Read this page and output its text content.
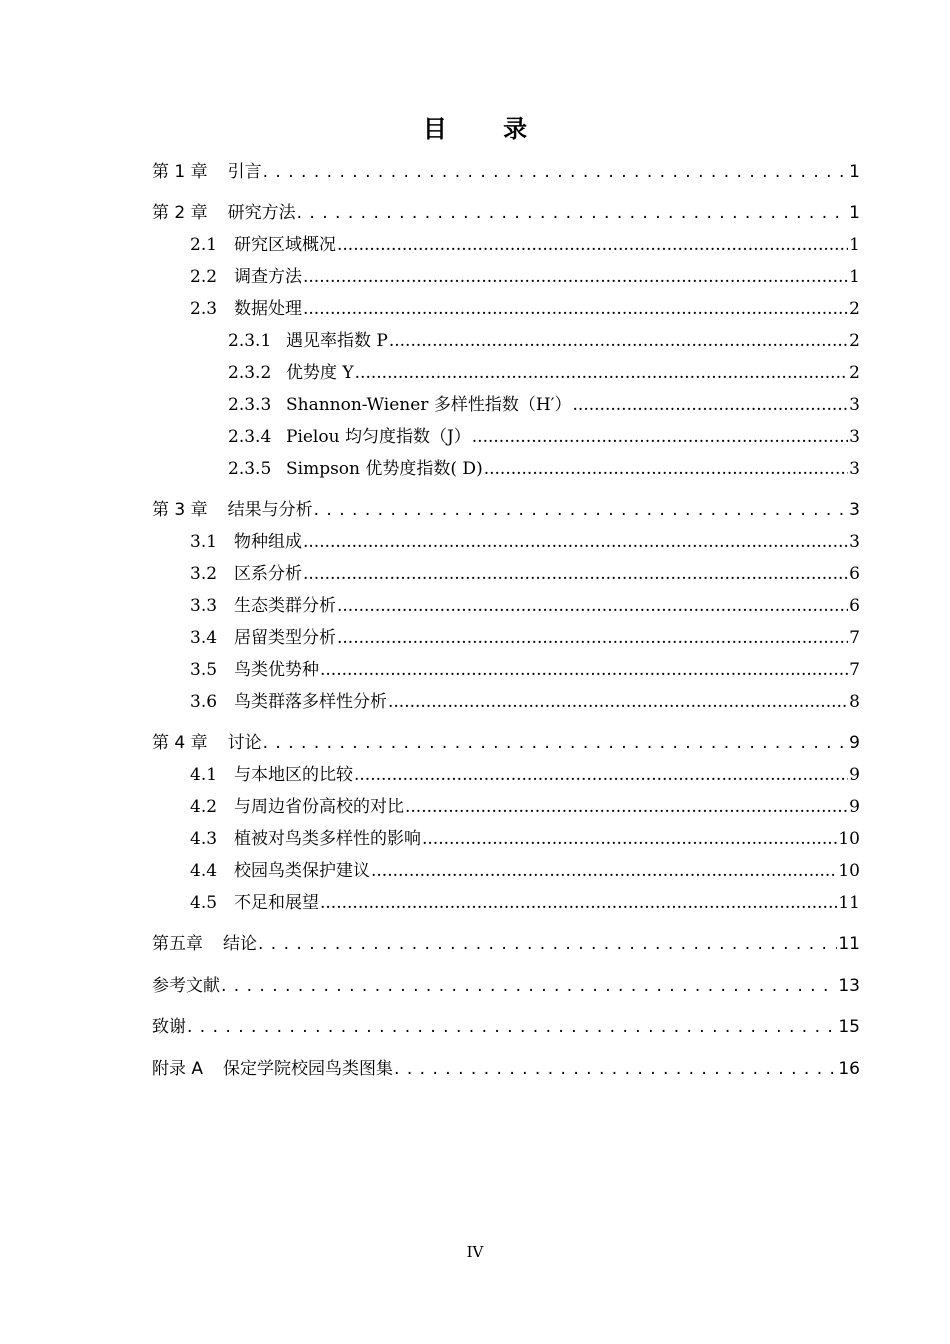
目 录
第 1 章 引言 . . .	1
第 2 章 研究方法 . . .	1
2.1 研究区域概况 .....	1
2.2 调查方法 .....	1
2.3 数据处理 .....	2
2.3.1 遇见率指数 P .....	2
2.3.2 优势度 Y .....	2
2.3.3 Shannon-Wiener 多样性指数（H′） .....	3
2.3.4 Pielou 均匀度指数（J） .....	3
2.3.5 Simpson 优势度指数( D) .....	3
第 3 章 结果与分析 . . .	3
3.1 物种组成 .....	3
3.2 区系分析 .....	6
3.3 生态类群分析 .....	6
3.4 居留类型分析 .....	7
3.5 鸟类优势种 .....	7
3.6 鸟类群落多样性分析 .....	8
第 4 章 讨论 . . .	9
4.1 与本地区的比较 .....	9
4.2 与周边省份高校的对比 .....	9
4.3 植被对鸟类多样性的影响 .....	10
4.4 校园鸟类保护建议 .....	10
4.5 不足和展望 .....	11
第五章 结论 . . .	11
参考文献 . . .	13
致谢 . . .	15
附录 A 保定学院校园鸟类图集 . . .	16
IV
